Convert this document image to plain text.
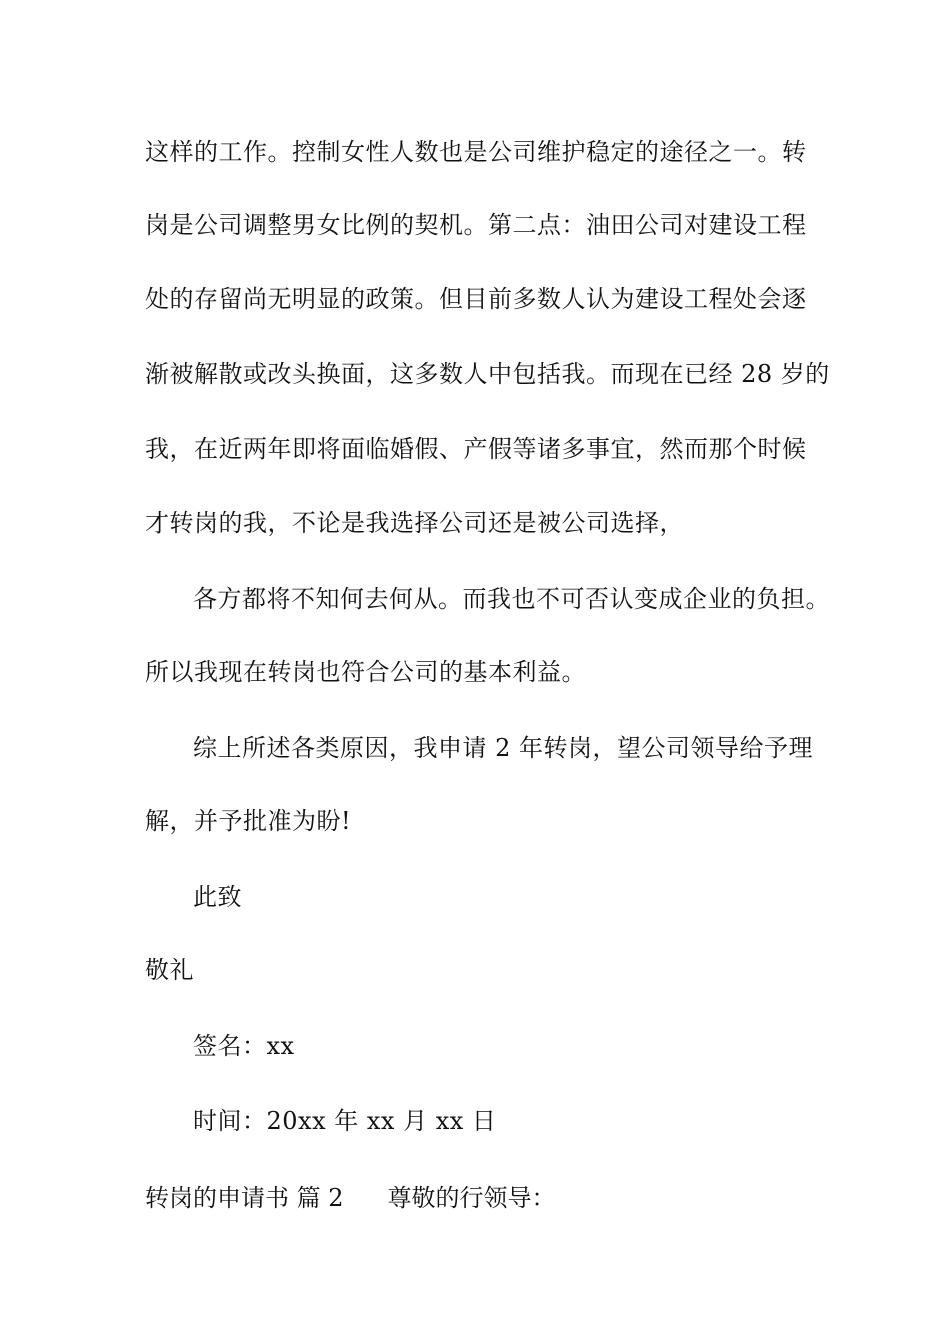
这样的工作。控制女性人数也是公司维护稳定的途径之一。转
岗是公司调整男女比例的契机。第二点：油田公司对建设工程
处的存留尚无明显的政策。但目前多数人认为建设工程处会逐
渐被解散或改头换面，这多数人中包括我。而现在已经 28 岁的
我，在近两年即将面临婚假、产假等诸多事宜，然而那个时候
才转岗的我，不论是我选择公司还是被公司选择，
各方都将不知何去何从。而我也不可否认变成企业的负担。
所以我现在转岗也符合公司的基本利益。
综上所述各类原因，我申请 2 年转岗，望公司领导给予理
解，并予批准为盼!
此致
敬礼
签名：xx
时间：20xx 年 xx 月 xx 日
转岗的申请书 篇 2 尊敬的行领导：
